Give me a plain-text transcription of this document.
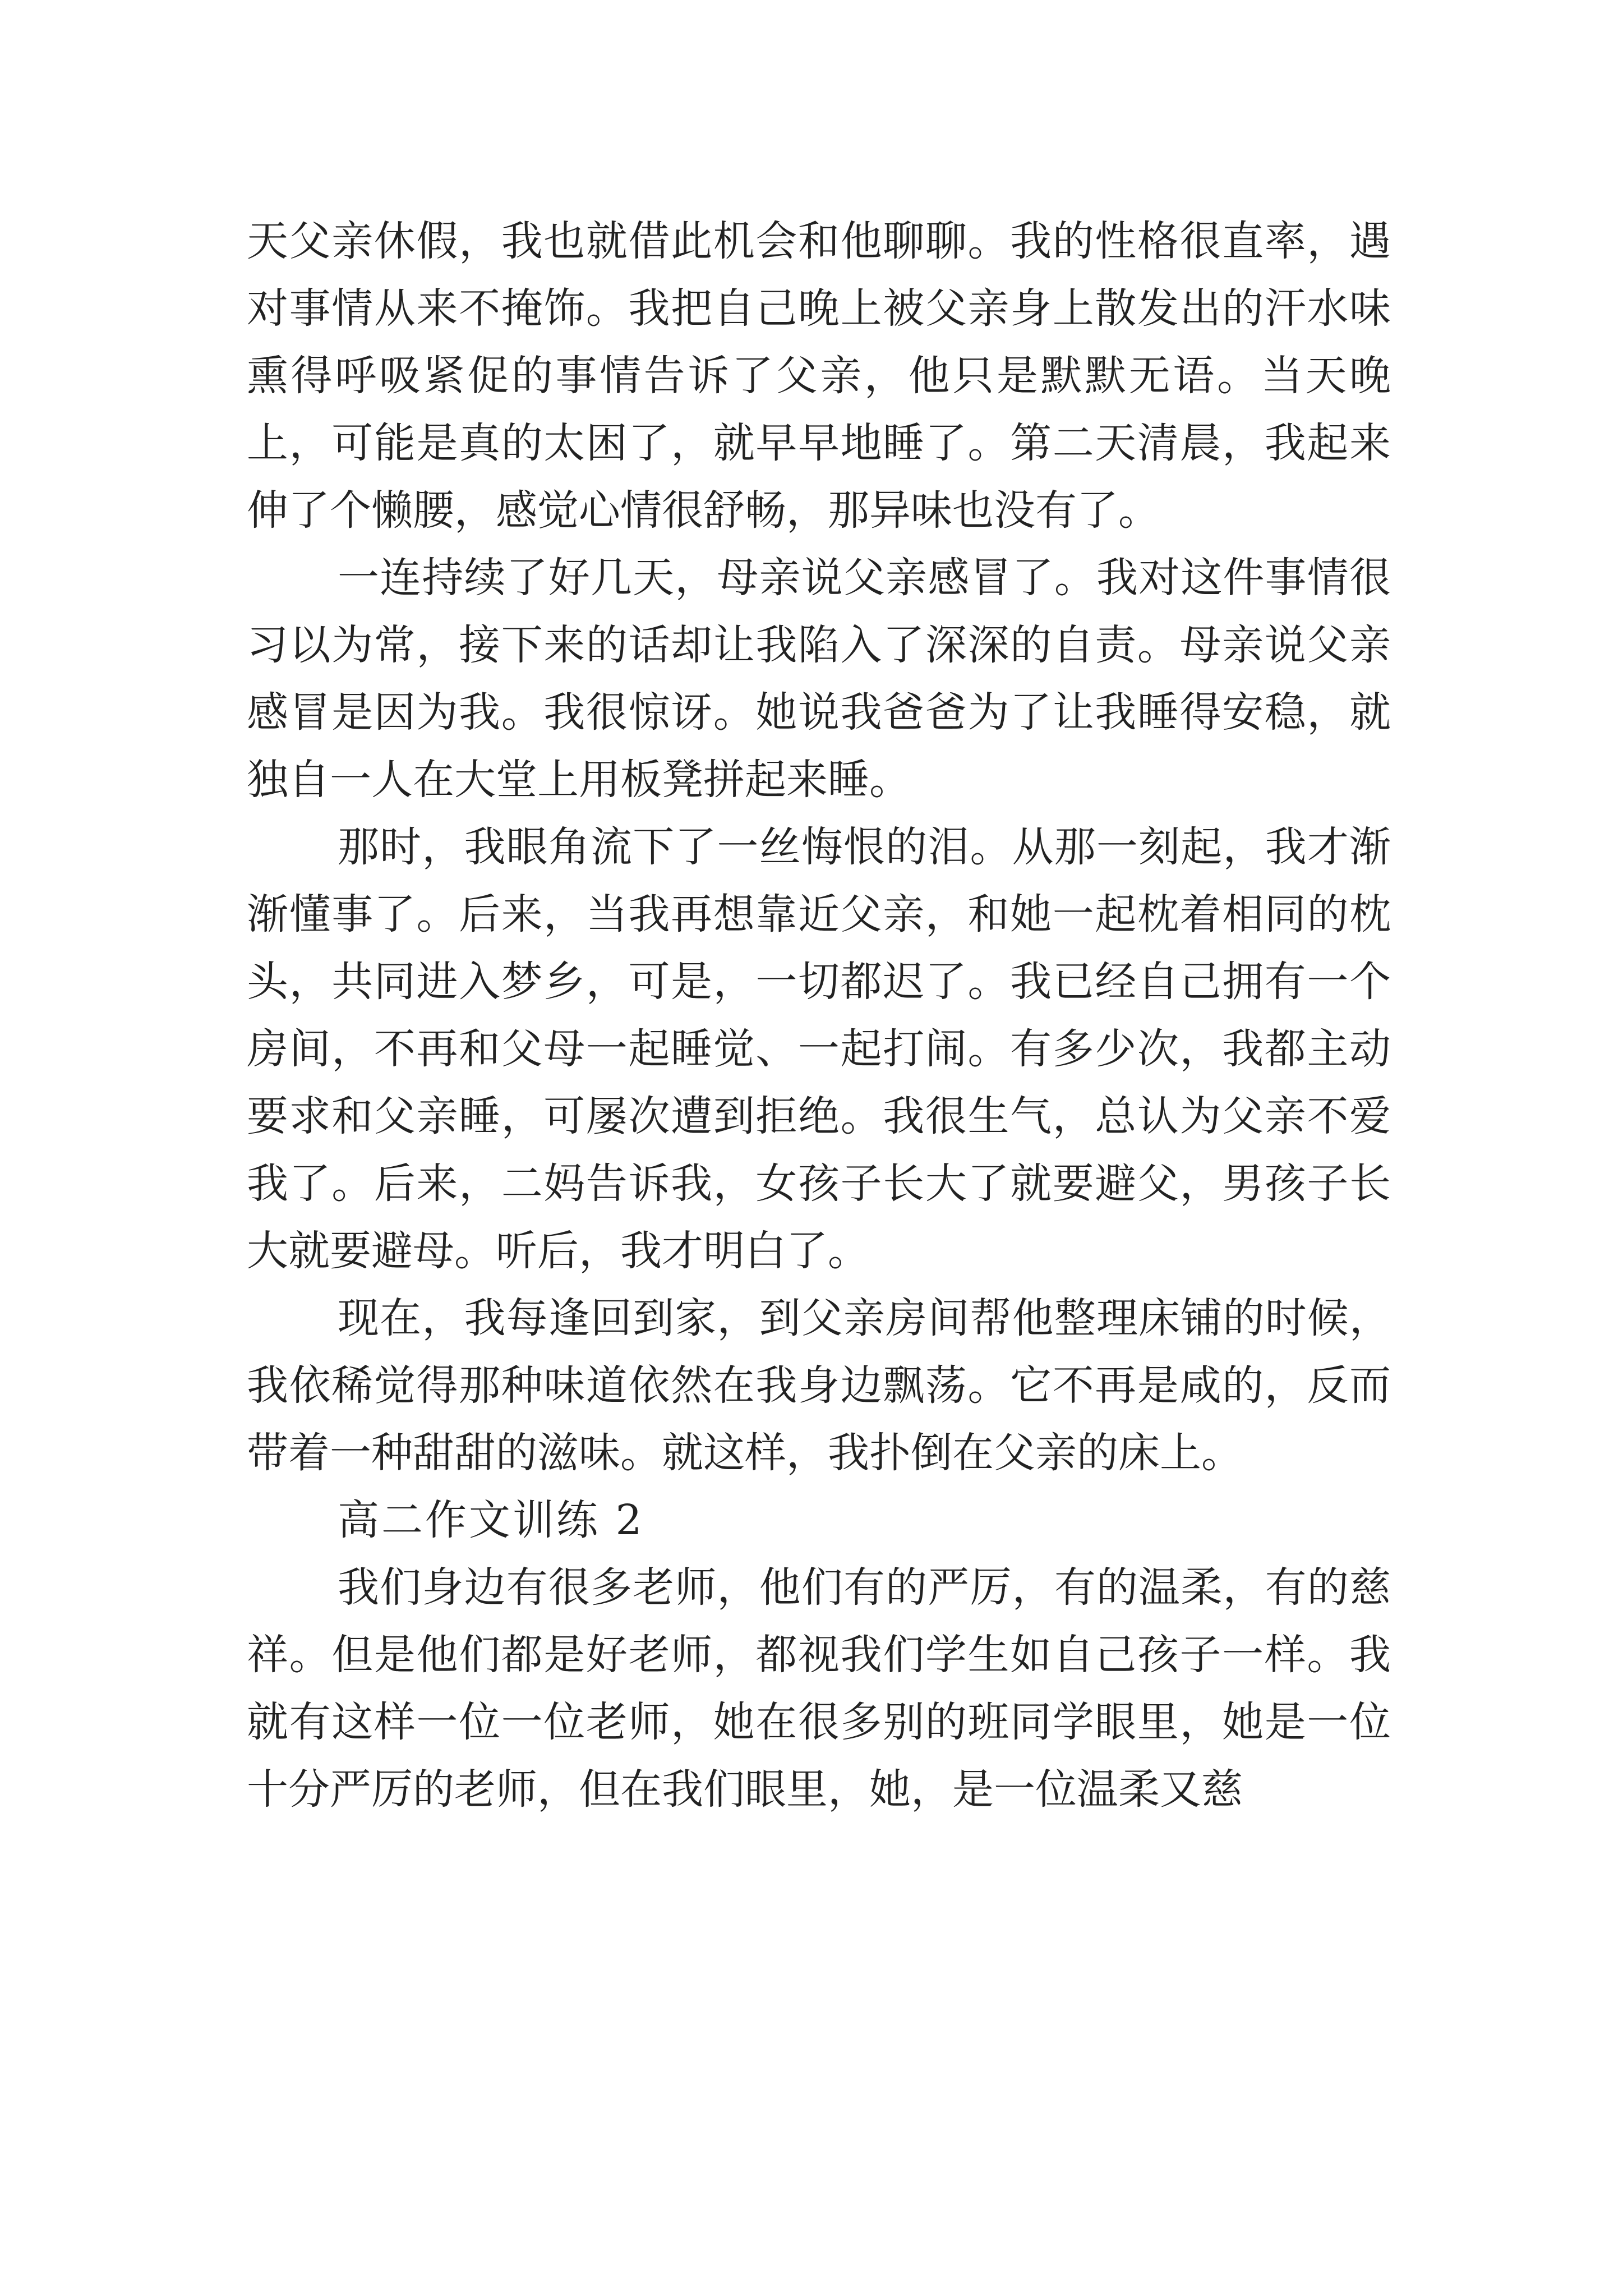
天父亲休假，我也就借此机会和他聊聊。我的性格很直率，遇对事情从来不掩饰。我把自己晚上被父亲身上散发出的汗水味熏得呼吸紧促的事情告诉了父亲，他只是默默无语。当天晚上，可能是真的太困了，就早早地睡了。第二天清晨，我起来伸了个懒腰，感觉心情很舒畅，那异味也没有了。

一连持续了好几天，母亲说父亲感冒了。我对这件事情很习以为常，接下来的话却让我陷入了深深的自责。母亲说父亲感冒是因为我。我很惊讶。她说我爸爸为了让我睡得安稳，就独自一人在大堂上用板凳拼起来睡。

那时，我眼角流下了一丝悔恨的泪。从那一刻起，我才渐渐懂事了。后来，当我再想靠近父亲，和她一起枕着相同的枕头，共同进入梦乡，可是，一切都迟了。我已经自己拥有一个房间，不再和父母一起睡觉、一起打闹。有多少次，我都主动要求和父亲睡，可屡次遭到拒绝。我很生气，总认为父亲不爱我了。后来，二妈告诉我，女孩子长大了就要避父，男孩子长大就要避母。听后，我才明白了。

现在，我每逢回到家，到父亲房间帮他整理床铺的时候，我依稀觉得那种味道依然在我身边飘荡。它不再是咸的，反而带着一种甜甜的滋味。就这样，我扑倒在父亲的床上。

高二作文训练 2

我们身边有很多老师，他们有的严厉，有的温柔，有的慈祥。但是他们都是好老师，都视我们学生如自己孩子一样。我就有这样一位一位老师，她在很多别的班同学眼里，她是一位十分严厉的老师，但在我们眼里，她，是一位温柔又慈
